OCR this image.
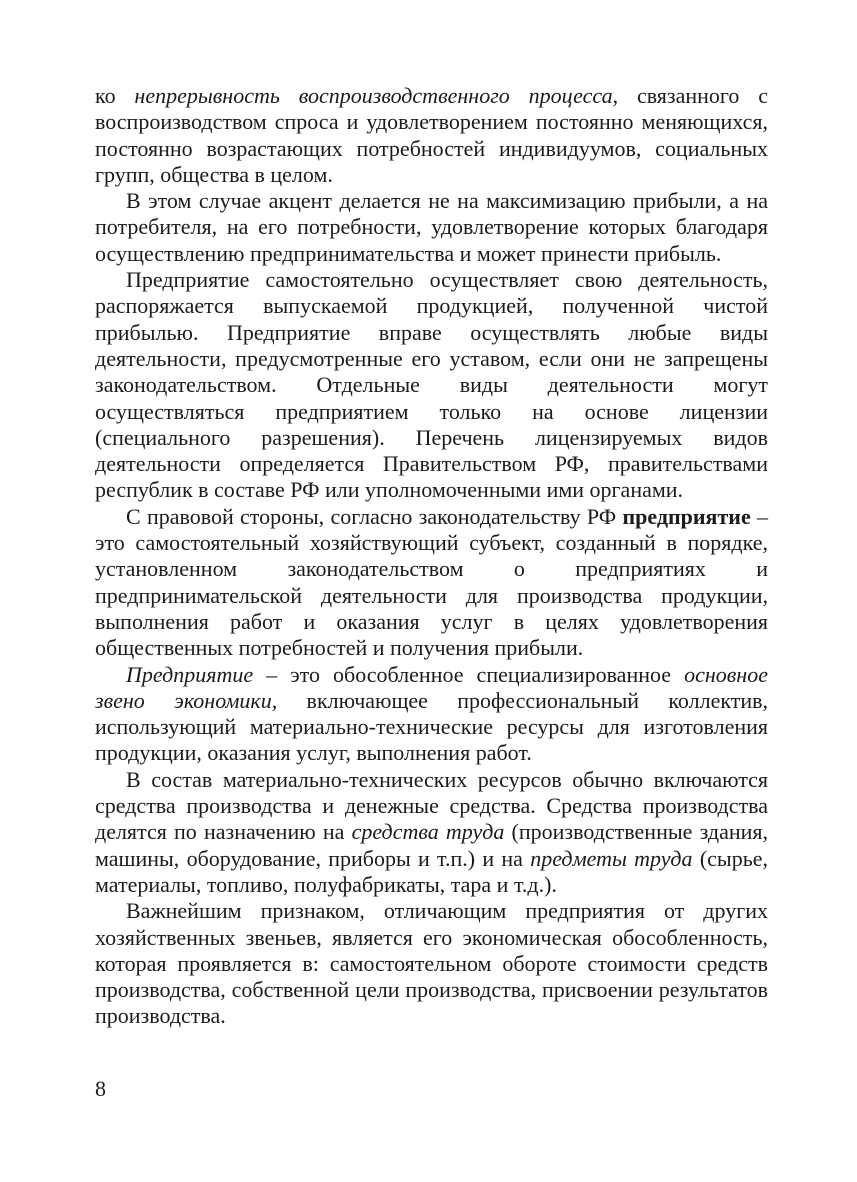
ко непрерывность воспроизводственного процесса, связанного с воспроизводством спроса и удовлетворением постоянно меняющихся, постоянно возрастающих потребностей индивидуумов, социальных групп, общества в целом.

В этом случае акцент делается не на максимизацию прибыли, а на потребителя, на его потребности, удовлетворение которых благодаря осуществлению предпринимательства и может принести прибыль.

Предприятие самостоятельно осуществляет свою деятельность, распоряжается выпускаемой продукцией, полученной чистой прибылью. Предприятие вправе осуществлять любые виды деятельности, предусмотренные его уставом, если они не запрещены законодательством. Отдельные виды деятельности могут осуществляться предприятием только на основе лицензии (специального разрешения). Перечень лицензируемых видов деятельности определяется Правительством РФ, правительствами республик в составе РФ или уполномоченными ими органами.

С правовой стороны, согласно законодательству РФ предприятие – это самостоятельный хозяйствующий субъект, созданный в порядке, установленном законодательством о предприятиях и предпринимательской деятельности для производства продукции, выполнения работ и оказания услуг в целях удовлетворения общественных потребностей и получения прибыли.

Предприятие – это обособленное специализированное основное звено экономики, включающее профессиональный коллектив, использующий материально-технические ресурсы для изготовления продукции, оказания услуг, выполнения работ.

В состав материально-технических ресурсов обычно включаются средства производства и денежные средства. Средства производства делятся по назначению на средства труда (производственные здания, машины, оборудование, приборы и т.п.) и на предметы труда (сырье, материалы, топливо, полуфабрикаты, тара и т.д.).

Важнейшим признаком, отличающим предприятия от других хозяйственных звеньев, является его экономическая обособленность, которая проявляется в: самостоятельном обороте стоимости средств производства, собственной цели производства, присвоении результатов производства.

8
